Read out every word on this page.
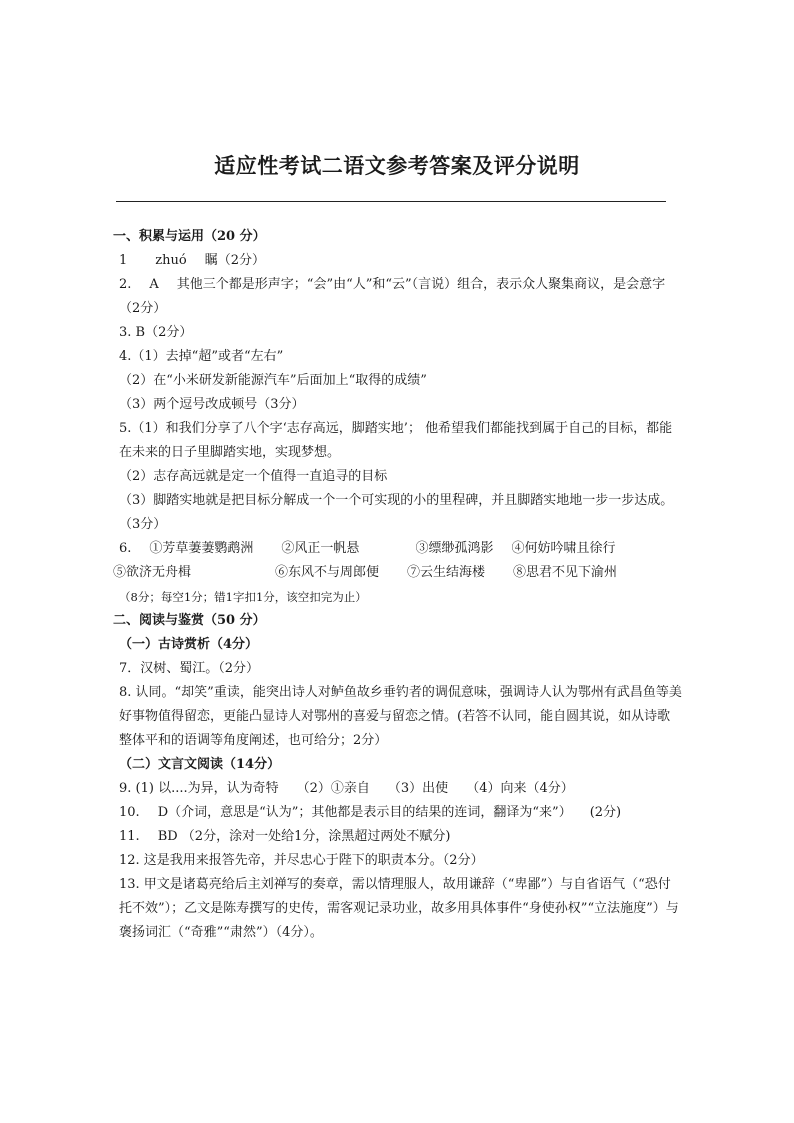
适应性考试二语文参考答案及评分说明
一、积累与运用（20 分）
1 zhuó 瞩（2分）
2. A 其他三个都是形声字；“会”由“人”和“云”（言说）组合，表示众人聚集商议，是会意字（2分）
3. B（2分）
4.（1）去掉“超”或者“左右”
（2）在“小米研发新能源汽车”后面加上“取得的成绩”
（3）两个逗号改成顿号（3分）
5.（1）和我们分享了八个字‘志存高远，脚踏实地’； 他希望我们都能找到属于自己的目标，都能在未来的日子里脚踏实地，实现梦想。
（2）志存高远就是定一个值得一直追寻的目标
（3）脚踏实地就是把目标分解成一个一个可实现的小的里程碑，并且脚踏实地地一步一步达成。（3分）
6. ①芳草萋萋鹦鹉洲 ②风正一帆悬	③缥缈孤鸿影 ④何妨吟啸且徐行
⑤欲济无舟楫	⑥东风不与周郎便 ⑦云生结海楼 ⑧思君不见下渝州
（8分；每空1分；错1字扣1分，该空扣完为止）
二、阅读与鉴赏（50 分）
（一）古诗赏析（4分）
7．汉树、蜀江。（2分）
8. 认同。“却笑”重读，能突出诗人对鲈鱼故乡垂钓者的调侃意味，强调诗人认为鄂州有武昌鱼等美好事物值得留恋，更能凸显诗人对鄂州的喜爱与留恋之情。(若答不认同，能自圆其说，如从诗歌整体平和的语调等角度阐述，也可给分；2分）
（二）文言文阅读（14分）
9. (1) 以....为异，认为奇特 （2）①亲自 （3）出使 （4）向来（4分）
10. D（介词，意思是“认为”；其他都是表示目的结果的连词，翻译为“来”） (2分)
11. BD （2分，涂对一处给1分，涂黑超过两处不赋分)
12. 这是我用来报答先帝，并尽忠心于陛下的职责本分。（2分）
13. 甲文是诸葛亮给后主刘禅写的奏章，需以情理服人，故用谦辞（“卑鄙”）与自省语气（“恐付托不效”）；乙文是陈寿撰写的史传，需客观记录功业，故多用具体事件“身使孙权”“立法施度”）与褒扬词汇（“奇雅”“肃然”）（4分）。
